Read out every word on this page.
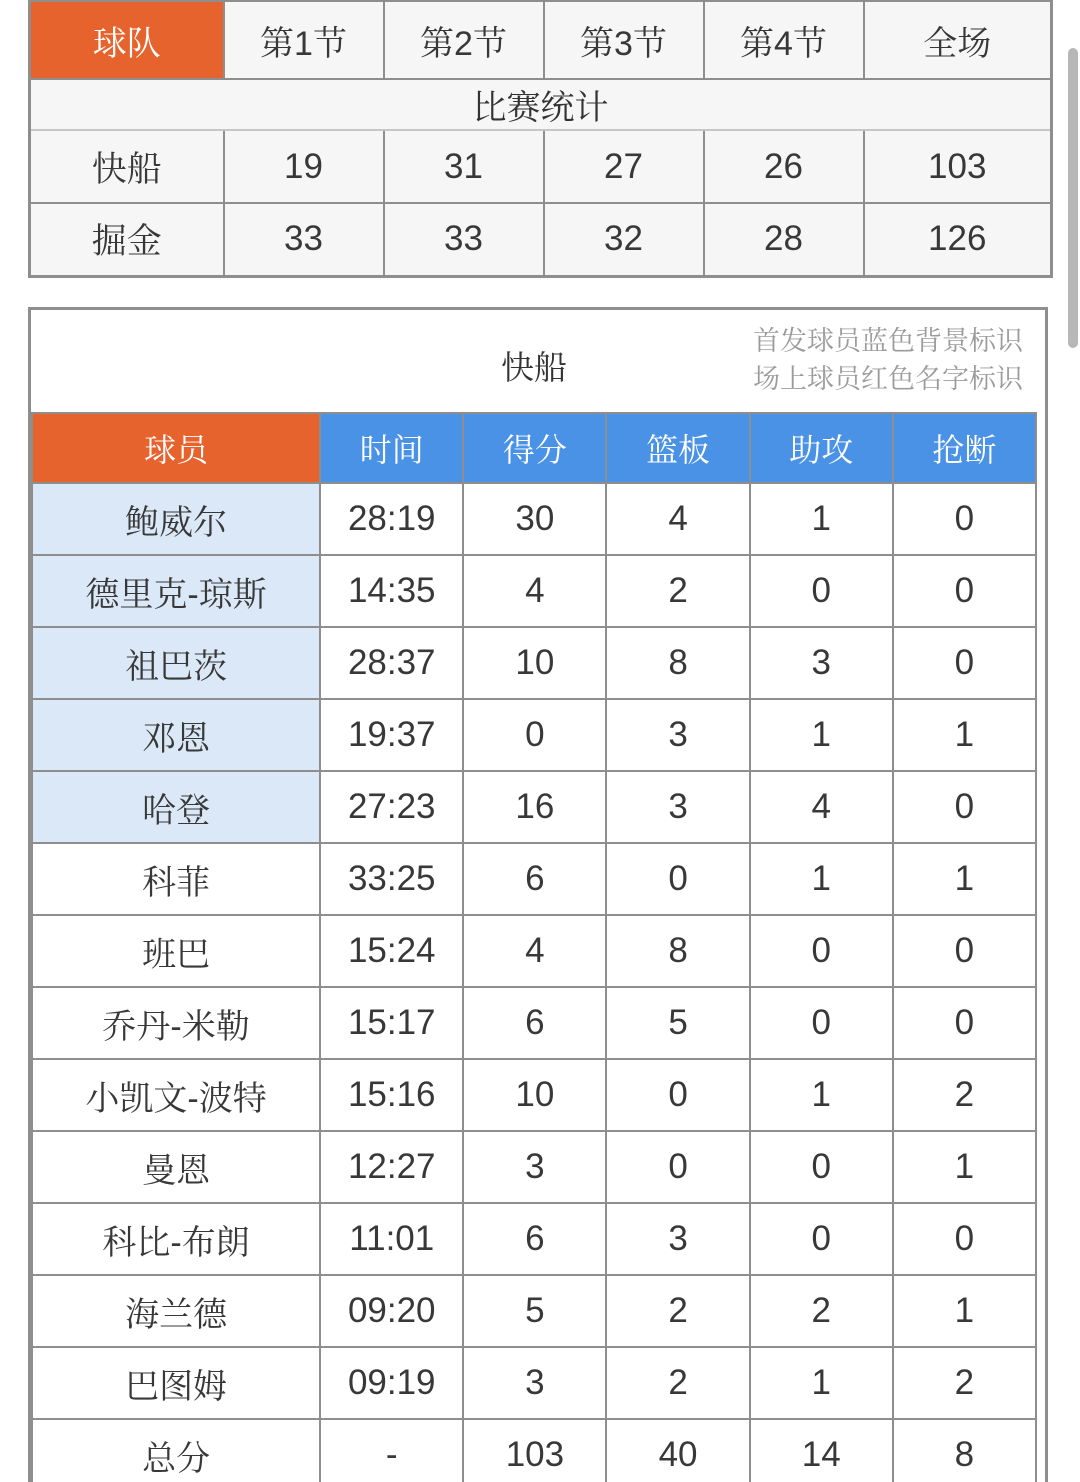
比赛统计					
球队	第1节	第2节	第3节	第4节	全场
快船	19	31	27	26	103
掘金	33	33	32	28	126
快船
首发球员蓝色背景标识
场上球员红色名字标识
球员	时间	得分	篮板	助攻	抢断
鲍威尔	28:19	30	4	1	0
德里克-琼斯	14:35	4	2	0	0
祖巴茨	28:37	10	8	3	0
邓恩	19:37	0	3	1	1
哈登	27:23	16	3	4	0
科菲	33:25	6	0	1	1
班巴	15:24	4	8	0	0
乔丹-米勒	15:17	6	5	0	0
小凯文-波特	15:16	10	0	1	2
曼恩	12:27	3	0	0	1
科比-布朗	11:01	6	3	0	0
海兰德	09:20	5	2	2	1
巴图姆	09:19	3	2	1	2
总分	-	103	40	14	8
